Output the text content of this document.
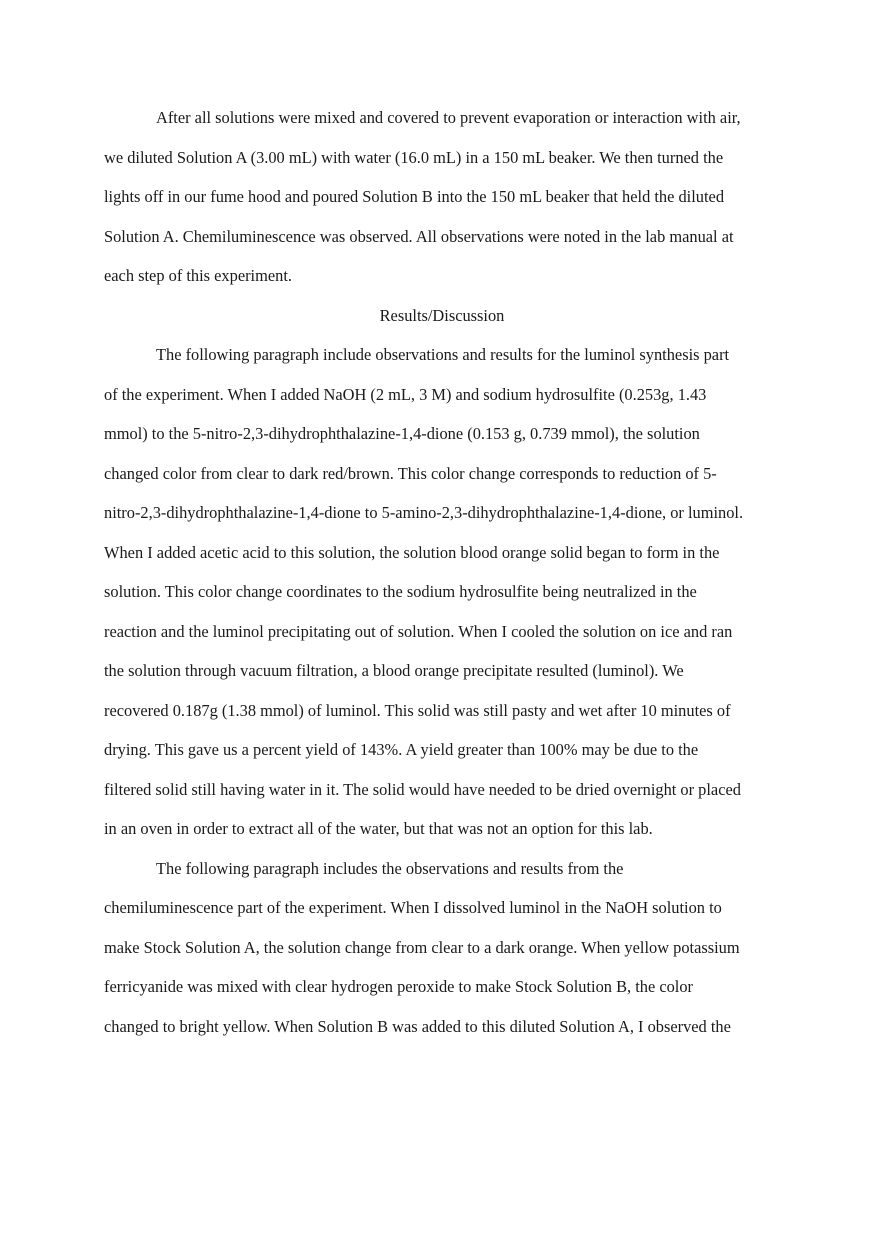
After all solutions were mixed and covered to prevent evaporation or interaction with air,
we diluted Solution A (3.00 mL) with water (16.0 mL) in a 150 mL beaker. We then turned the
lights off in our fume hood and poured Solution B into the 150 mL beaker that held the diluted
Solution A. Chemiluminescence was observed. All observations were noted in the lab manual at
each step of this experiment.
Results/Discussion
The following paragraph include observations and results for the luminol synthesis part
of the experiment. When I added NaOH (2 mL, 3 M) and sodium hydrosulfite (0.253g, 1.43
mmol) to the 5-nitro-2,3-dihydrophthalazine-1,4-dione (0.153 g, 0.739 mmol), the solution
changed color from clear to dark red/brown. This color change corresponds to reduction of 5-
nitro-2,3-dihydrophthalazine-1,4-dione to 5-amino-2,3-dihydrophthalazine-1,4-dione, or luminol.
When I added acetic acid to this solution, the solution blood orange solid began to form in the
solution. This color change coordinates to the sodium hydrosulfite being neutralized in the
reaction and the luminol precipitating out of solution. When I cooled the solution on ice and ran
the solution through vacuum filtration, a blood orange precipitate resulted (luminol). We
recovered 0.187g (1.38 mmol) of luminol. This solid was still pasty and wet after 10 minutes of
drying. This gave us a percent yield of 143%. A yield greater than 100% may be due to the
filtered solid still having water in it. The solid would have needed to be dried overnight or placed
in an oven in order to extract all of the water, but that was not an option for this lab.
The following paragraph includes the observations and results from the
chemiluminescence part of the experiment. When I dissolved luminol in the NaOH solution to
make Stock Solution A, the solution change from clear to a dark orange. When yellow potassium
ferricyanide was mixed with clear hydrogen peroxide to make Stock Solution B, the color
changed to bright yellow. When Solution B was added to this diluted Solution A, I observed the
